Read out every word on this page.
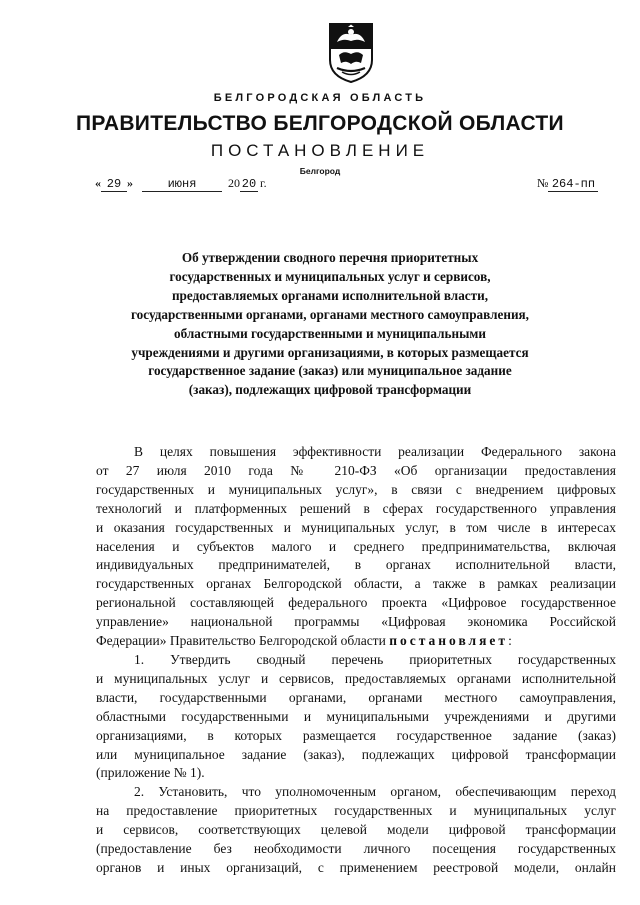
БЕЛГОРОДСКАЯ ОБЛАСТЬ
ПРАВИТЕЛЬСТВО БЕЛГОРОДСКОЙ ОБЛАСТИ
ПОСТАНОВЛЕНИЕ
Белгород
« 29 »	июня	20 20 г.	№ 264-пп
Об утверждении сводного перечня приоритетных
государственных и муниципальных услуг и сервисов,
предоставляемых органами исполнительной власти,
государственными органами, органами местного самоуправления,
областными государственными и муниципальными
учреждениями и другими организациями, в которых размещается
государственное задание (заказ) или муниципальное задание
(заказ), подлежащих цифровой трансформации
В целях повышения эффективности реализации Федерального закона
от 27 июля 2010 года № 210-ФЗ «Об организации предоставления
государственных и муниципальных услуг», в связи с внедрением цифровых
технологий и платформенных решений в сферах государственного управления
и оказания государственных и муниципальных услуг, в том числе в интересах
населения и субъектов малого и среднего предпринимательства, включая
индивидуальных предпринимателей, в органах исполнительной власти,
государственных органах Белгородской области, а также в рамках реализации
региональной составляющей федерального проекта «Цифровое государственное
управление» национальной программы «Цифровая экономика Российской
Федерации» Правительство Белгородской области постановляет:
1. Утвердить сводный перечень приоритетных государственных
и муниципальных услуг и сервисов, предоставляемых органами исполнительной
власти, государственными органами, органами местного самоуправления,
областными государственными и муниципальными учреждениями и другими
организациями, в которых размещается государственное задание (заказ)
или муниципальное задание (заказ), подлежащих цифровой трансформации
(приложение № 1).
2. Установить, что уполномоченным органом, обеспечивающим переход
на предоставление приоритетных государственных и муниципальных услуг
и сервисов, соответствующих целевой модели цифровой трансформации
(предоставление без необходимости личного посещения государственных
органов и иных организаций, с применением реестровой модели, онлайн
